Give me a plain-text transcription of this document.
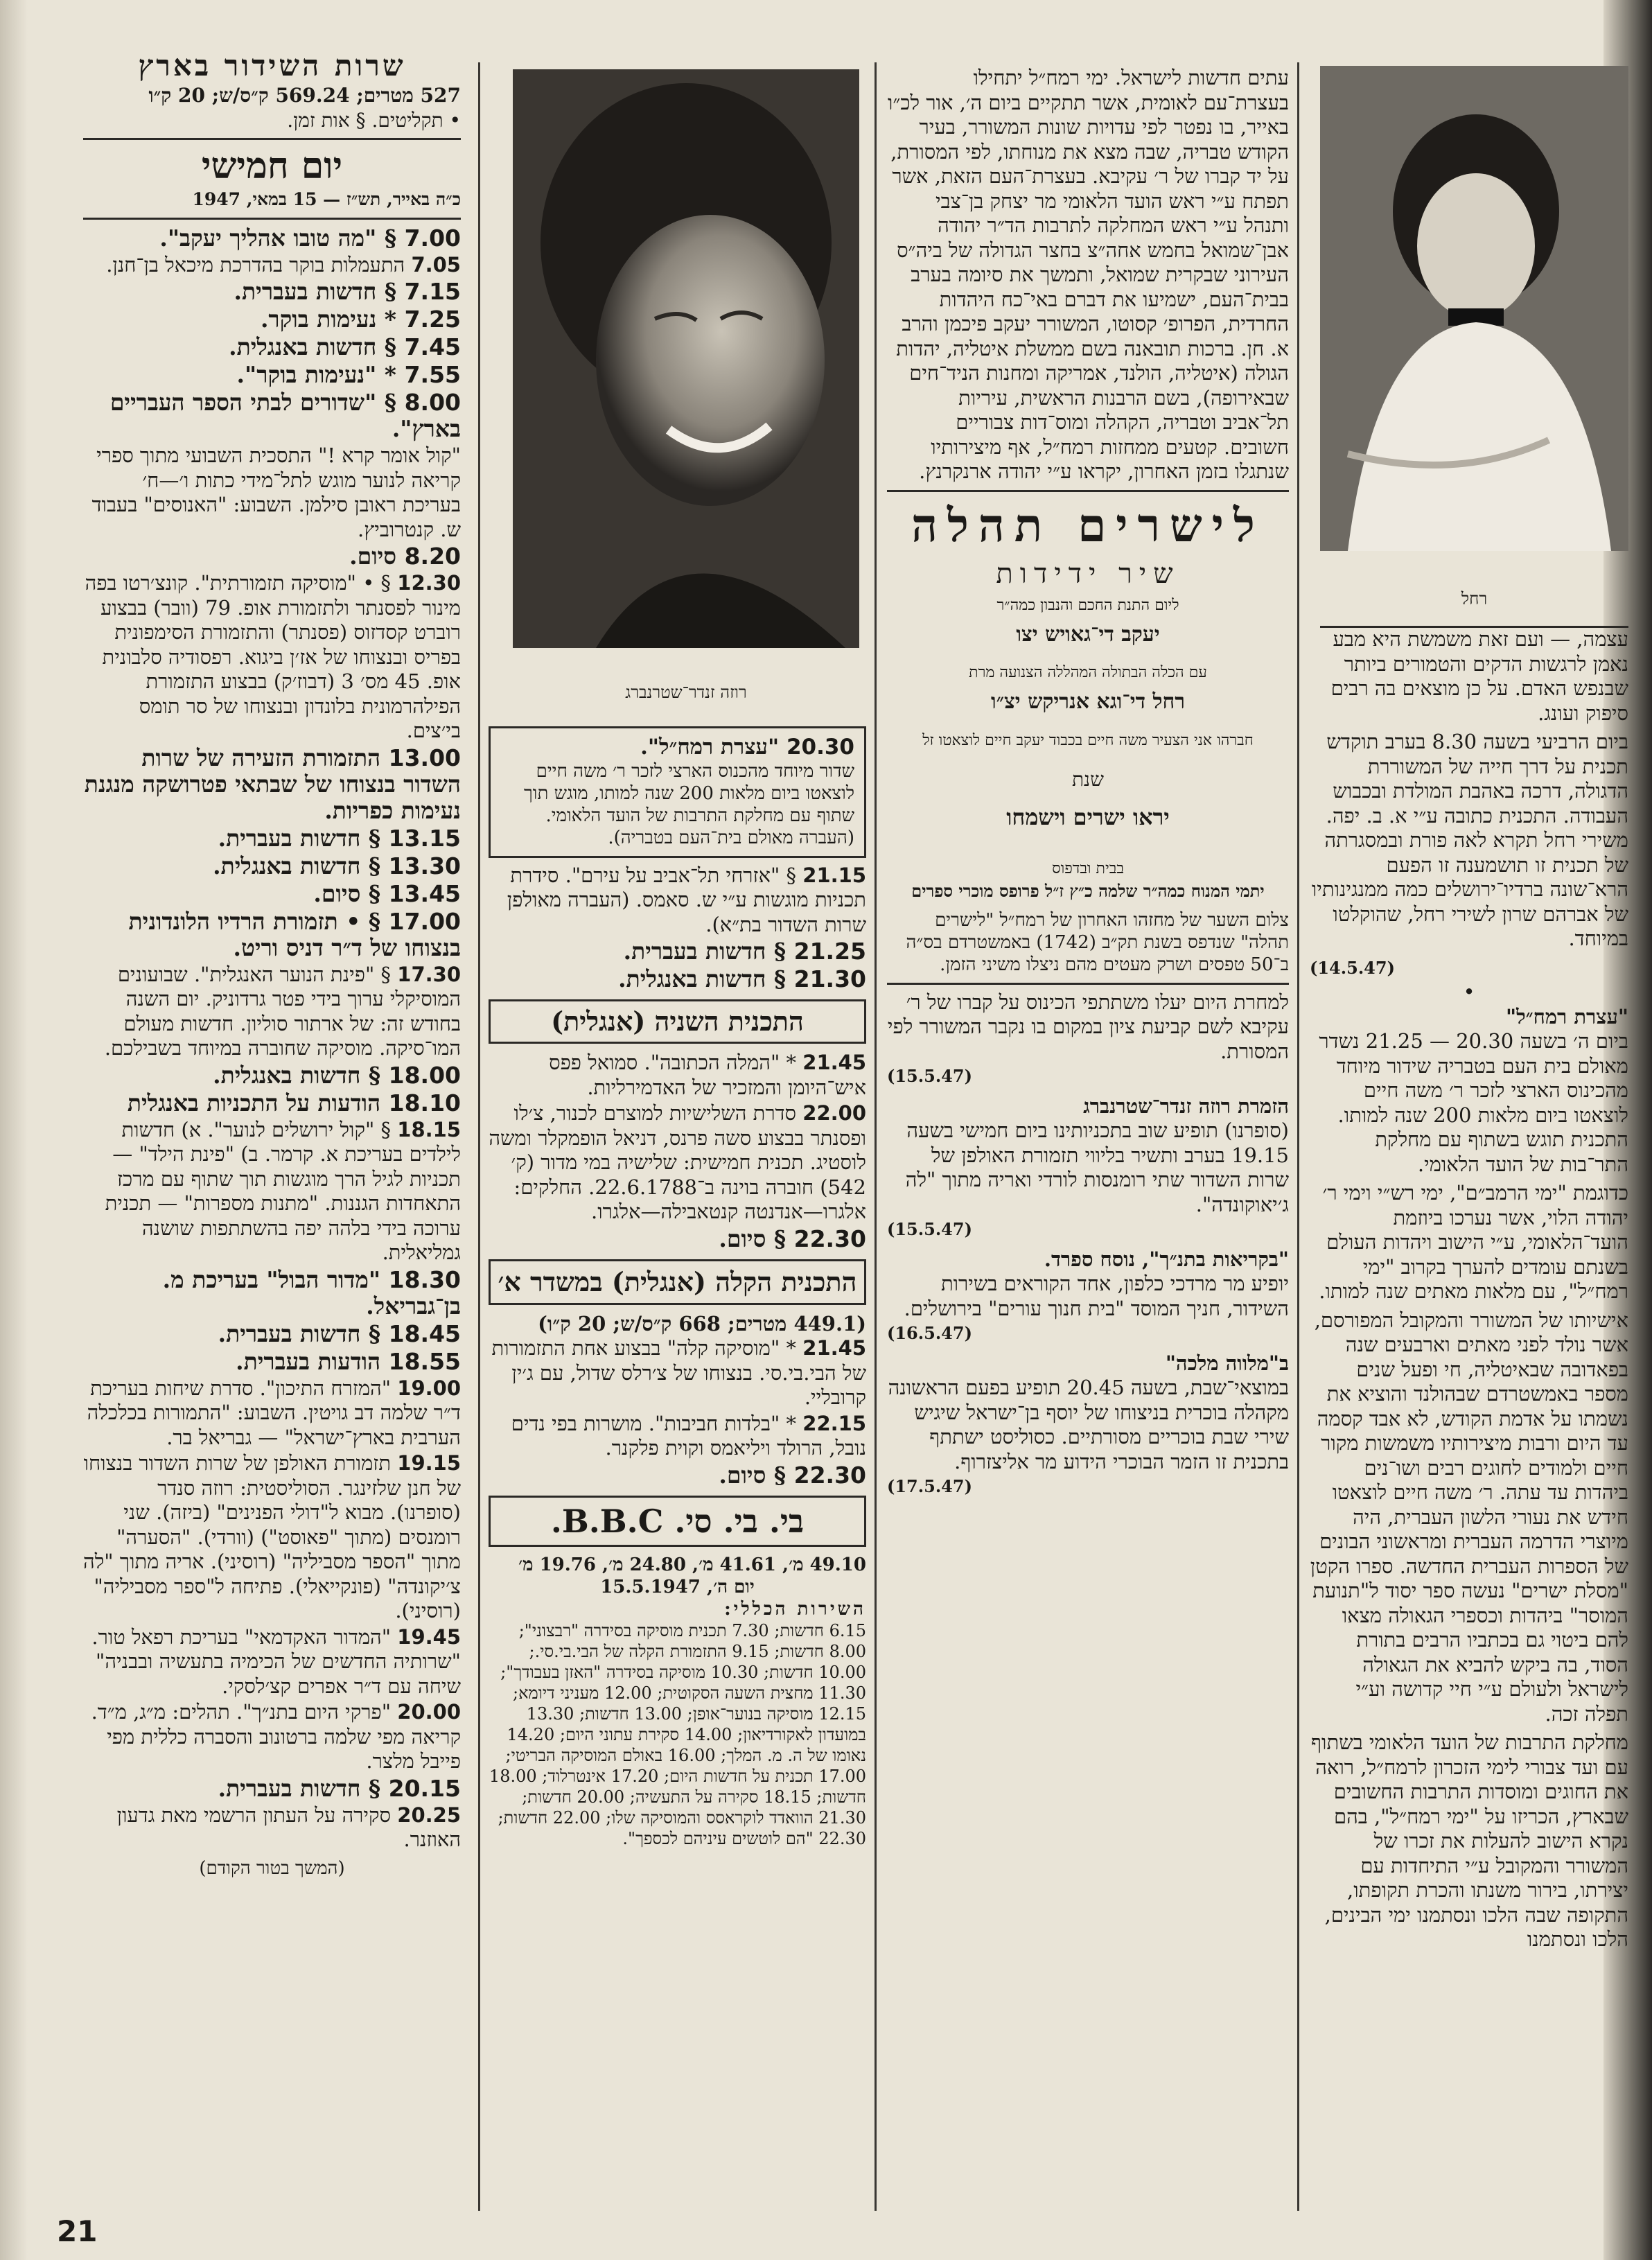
שרות השידור בארץ
527 מטרים; 569.24 ק״ס/ש; 20 ק״ו
• תקליטים. § אות זמן.
יום חמישי
כ״ה באייר, תש״ז — 15 במאי, 1947
7.00 § "מה טובו אהליך יעקב".
7.05 התעמלות בוקר בהדרכת מיכאל בן־חנן.
7.15 § חדשות בעברית.
7.25 * נעימות בוקר.
7.45 § חדשות באנגלית.
7.55 * "נעימות בוקר".
8.00 § "שדורים לבתי הספר העבריים בארץ".
"קול אומר קרא !" התסכית השבועי מתוך ספרי קריאה לנוער מוגש לתל־מידי כתות ו׳—ח׳ בעריכת ראובן סילמן. השבוע: "האנוסים" בעבוד ש. קנטרוביץ.
8.20 סיום.
12.30 § • "מוסיקה תזמורתית". קונצ׳רטו בפה מינור לפסנתר ולתזמורת אופ. 79 (וובר) בבצוע רוברט קסדזוס (פסנתר) והתזמורת הסימפונית בפריס ובנצוחו של אז׳ן ביגוא. רפסודיה סלבונית אופ. 45 מס׳ 3 (דבוז׳ק) בבצוע התזמורת הפילהרמונית בלונדון ובנצוחו של סר תומס בי׳צים.
13.00 התזמורת הזעירה של שרות השדור בנצוחו של שבתאי פטרושקה מנגנת נעימות כפריות.
13.15 § חדשות בעברית.
13.30 § חדשות באנגלית.
13.45 § סיום.
17.00 § • תזמורת הרדיו הלונדונית בנצוחו של ד״ר דניס וריט.
17.30 § "פינת הנוער האנגלית". שבועונים המוסיקלי ערוך בידי פטר גרדוניק. יום השנה בחודש זה: של ארתור סוליון. חדשות מעולם המו־סיקה. מוסיקה שחוברה במיוחד בשבילכם.
18.00 § חדשות באנגלית.
18.10 הודעות על התכניות באנגלית
18.15 § "קול ירושלים לנוער". א) חדשות לילדים בעריכת א. קרמר. ב) "פינת הילד" — תכניות לגיל הרך מוגשות תוך שתוף עם מרכז התאחדות הגננות. "מתנות מספרות" — תכנית ערוכה בידי בלהה יפה בהשתתפות שושנה גמליאלית.
18.30 "מדור הבול" בעריכת מ. בן־גבריאל.
18.45 § חדשות בעברית.
18.55 הודעות בעברית.
19.00 "המזרח התיכון". סדרת שיחות בעריכת ד״ר שלמה דב גויטין. השבוע: "התמורות בכלכלה הערבית בארץ־ישראל" — גבריאל בר.
19.15 תזמורת האולפן של שרות השדור בנצוחו של חנן שלזינגר. הסוליסטית: רוזה סנדר (סופרנו). מבוא ל"דולי הפנינים" (ביזה). שני רומנסים (מתוך "פאוסט") (וורדי). "הסערה" מתוך "הספר מסביליה" (רוסיני). אריה מתוך "לה צ׳יקונדה" (פונקייאלי). פתיחה ל"ספר מסביליה" (רוסיני).
19.45 "המדור האקדמאי" בעריכת רפאל טור. "שרותיה החדשים של הכימיה בתעשיה ובבניה" שיחה עם ד״ר אפרים קצ׳לסקי.
20.00 "פרקי היום בתנ״ך". תהלים: מ״ג, מ״ד. קריאה מפי שלמה ברטונוב והסברה כללית מפי פייבל מלצר.
20.15 § חדשות בעברית.
20.25 סקירה על העתון הרשמי מאת גדעון האוזנר.
(המשך בטור הקודם)
רוזה זנדר־שטרנברג
20.30 "עצרת רמח״ל".
שדור מיוחד מהכנוס הארצי לזכר ר׳ משה חיים לוצאטו ביום מלאות 200 שנה למותו, מוגש תוך שתוף עם מחלקת התרבות של הועד הלאומי.
(העברה מאולם בית־העם בטבריה).
21.15 § "אזרחי תל־אביב על עירם". סידרת תכניות מוגשות ע״י ש. סאמס. (העברה מאולפן שרות השדור בת״א).
21.25 § חדשות בעברית.
21.30 § חדשות באנגלית.
התכנית השניה (אנגלית)
21.45 * "המלה הכתובה". סמואל פפס איש־היומן והמזכיר של האדמירליות.
22.00 סדרת השלישיות למוצרם לכנור, צ׳לו ופסנתר בבצוע סשה פרנס, דניאל הופמקלר ומשה לוסטיג. תכנית חמישית: שלישיה במי מדור (ק׳ 542) חוברה בוינה ב־22.6.1788. החלקים: אלגרו—אנדנטה קנטאבילה—אלגרו.
22.30 § סיום.
התכנית הקלה (אנגלית) במשדר א׳
(449.1 מטרים; 668 ק״ס/ש; 20 ק״ו)
21.45 * "מוסיקה קלה" בבצוע אחת התזמורות של הבי.בי.סי. בנצוחו של צ׳רלס שדול, עם ג׳ין קרובליי.
22.15 * "בלדות חביבות". מושרות בפי נדים נובל, הרולד ויליאמס וקוית פלקנר.
22.30 § סיום.
בי. בי. סי. B.B.C.
49.10 מ׳, 41.61 מ׳, 24.80 מ׳, 19.76 מ׳
יום ה׳, 15.5.1947
השירות הכללי:
6.15 חדשות; 7.30 תכנית מוסיקה בסידרה "רבצוני"; 8.00 חדשות; 9.15 התזמורת הקלה של הבי.בי.סי.; 10.00 חדשות; 10.30 מוסיקה בסידרה "האזן בעבודך"; 11.30 מחצית השעה הסקוטית; 12.00 מעניני דיומא; 12.15 מוסיקה בנוער־אופן; 13.00 חדשות; 13.30 במועדון לאקורדיאון; 14.00 סקירת עתוני היום; 14.20 נאומו של ה. מ. המלך; 16.00 באולם המוסיקה הבריטי; 17.00 תכנית על חדשות היום; 17.20 אינטרלוד; 18.00 חדשות; 18.15 סקירה על התעשיה; 20.00 חדשות; 21.30 הוואדד לוקראסס והמוסיקה שלו; 22.00 חדשות; 22.30 "הם לוטשים עיניהם לכספך".

עתים חדשות לישראל. ימי רמח״ל יתחילו בעצרת־עם לאומית, אשר תתקיים ביום ה׳, אור לכ״ו באייר, בו נפטר לפי עדויות שונות המשורר, בעיר הקודש טבריה, שבה מצא את מנוחתו, לפי המסורת, על יד קברו של ר׳ עקיבא. בעצרת־העם הזאת, אשר תפתח ע״י ראש הועד הלאומי מר יצחק בן־צבי ותנהל ע״י ראש המחלקה לתרבות הד״ר יהודה אבן־שמואל בחמש אחה״צ בחצר הגדולה של ביה״ס העירוני שבקרית שמואל, ותמשך את סיומה בערב בבית־העם, ישמיעו את דברם באי־כח היהדות החרדית, הפרופ׳ קסוטו, המשורר יעקב פיכמן והרב א. חן. ברכות תובאנה בשם ממשלת איטליה, יהדות הגולה (איטליה, הולנד, אמריקה ומחנות הניד־חים שבאירופה), בשם הרבנות הראשית, עיריות תל־אביב וטבריה, הקהלה ומוס־דות צבוריים חשובים. קטעים ממחזות רמח״ל, אף מיצירותיו שנתגלו בזמן האחרון, יקראו ע״י יהודה ארנקרנץ.

לישרים תהלה
שיר ידידות
ליום התנת החכם והנבון כמה״ר
יעקב די־גאויש יצו
עם הכלה הבתולה המהללה הצנועה מרת
רחל די־וגא אנריקש יצ״ו
חברהו אני הצעיר משה חיים בכבוד יעקב חיים לוצאטו זל
שנת
יראו ישרים וישמחו
בבית ובדפוס
יתמי המנוח כמה״ר שלמה כ״ץ ז״ל פרופס מוכרי ספרים
צלום השער של מחזהו האחרון של רמח״ל "לישרים תהלה" שנדפס בשנת תק״ב (1742) באמשטרדם בס״ה ב־50 טפסים ושרק מעטים מהם ניצלו משיני הזמן.
למחרת היום יעלו משתתפי הכינוס על קברו של ר׳ עקיבא לשם קביעת ציון במקום בו נקבר המשורר לפי המסורת.
(15.5.47)
הזמרת רוזה זנדר־שטרנברג
(סופרנו) תופיע שוב בתכניותינו ביום חמישי בשעה 19.15 בערב ותשיר בליווי תזמורת האולפן של שרות השדור שתי רומנסות לורדי ואריה מתוך "לה ג׳יאוקונדה".
(15.5.47)
"בקריאות בתנ״ך", נוסח ספרד.
יופיע מר מרדכי כלפון, אחד הקוראים בשירות השידור, חניך המוסד "בית חנוך עורים" בירושלים.
(16.5.47)
ב"מלווה מלכה"
במוצאי־שבת, בשעה 20.45 תופיע בפעם הראשונה מקהלה בוכרית בניצוחו של יוסף בן־ישראל שיגיש שירי שבת בוכריים מסורתיים. כסוליסט ישתתף בתכנית זו הזמר הבוכרי הידוע מר אליצזרוף.
(17.5.47)
רחל

עצמה, — ועם זאת משמשת היא מבע נאמן לרגשות הדקים והטמורים ביותר שבנפש האדם. על כן מוצאים בה רבים סיפוק ועונג.

ביום הרביעי בשעה 8.30 בערב תוקדש תכנית על דרך חייה של המשוררת הדגולה, דרכה באהבת המולדת ובכבוש העבודה. התכנית כתובה ע״י א. ב. יפה. משירי רחל תקרא לאה פורת ובמסגרתה של תכנית זו תושמענה זו הפעם הרא־שונה ברדיו־ירושלים כמה ממנגינותיו של אברהם שרון לשירי רחל, שהוקלטו במיוחד.

(14.5.47)
•
"עצרת רמח״ל"

ביום ה׳ בשעה 20.30 — 21.25 נשדר מאולם בית העם בטבריה שידור מיוחד מהכינוס הארצי לזכר ר׳ משה חיים לוצאטו ביום מלאות 200 שנה למותו. התכנית תוגש בשתוף עם מחלקת התר־בות של הועד הלאומי.

כדוגמת "ימי הרמב״ם", ימי רש״י וימי ר׳ יהודה הלוי, אשר נערכו ביוזמת הועד־הלאומי, ע״י הישוב ויהדות העולם בשנתם עומדים להערך בקרוב "ימי רמח״ל", עם מלאות מאתים שנה למותו.

אישיותו של המשורר והמקובל המפורסם, אשר נולד לפני מאתים וארבעים שנה בפאדובה שבאיטליה, חי ופעל שנים מספר באמשטרדם שבהולנד והוציא את נשמתו על אדמת הקודש, לא אבד קסמה עד היום ורבות מיצירותיו משמשות מקור חיים ולמודים לחוגים רבים ושו־נים ביהדות עד עתה. ר׳ משה חיים לוצאטו חידש את נעורי הלשון העברית, היה מיוצרי הדרמה העברית ומראשוני הבונים של הספרות העברית החדשה. ספרו הקטן "מסלת ישרים" נעשה ספר יסוד ל"תנועת המוסר" ביהדות וכספרי הגאולה מצאו להם ביטוי גם בכתביו הרבים בתורת הסוד, בה ביקש להביא את הגאולה לישראל ולעולם ע״י חיי קדושה וע״י תפלה זכה.

מחלקת התרבות של הועד הלאומי בשתוף עם ועד צבורי לימי הזכרון לרמח״ל, רואה את החוגים ומוסדות התרבות החשובים שבארץ, הכריזו על "ימי רמח״ל", בהם נקרא הישוב להעלות את זכרו של המשורר והמקובל ע״י התיחדות עם יצירתו, בירור משנתו והכרת תקופתו, התקופה שבה הלכו ונסתמנו ימי הבינים, הלכו ונסתמנו

21
